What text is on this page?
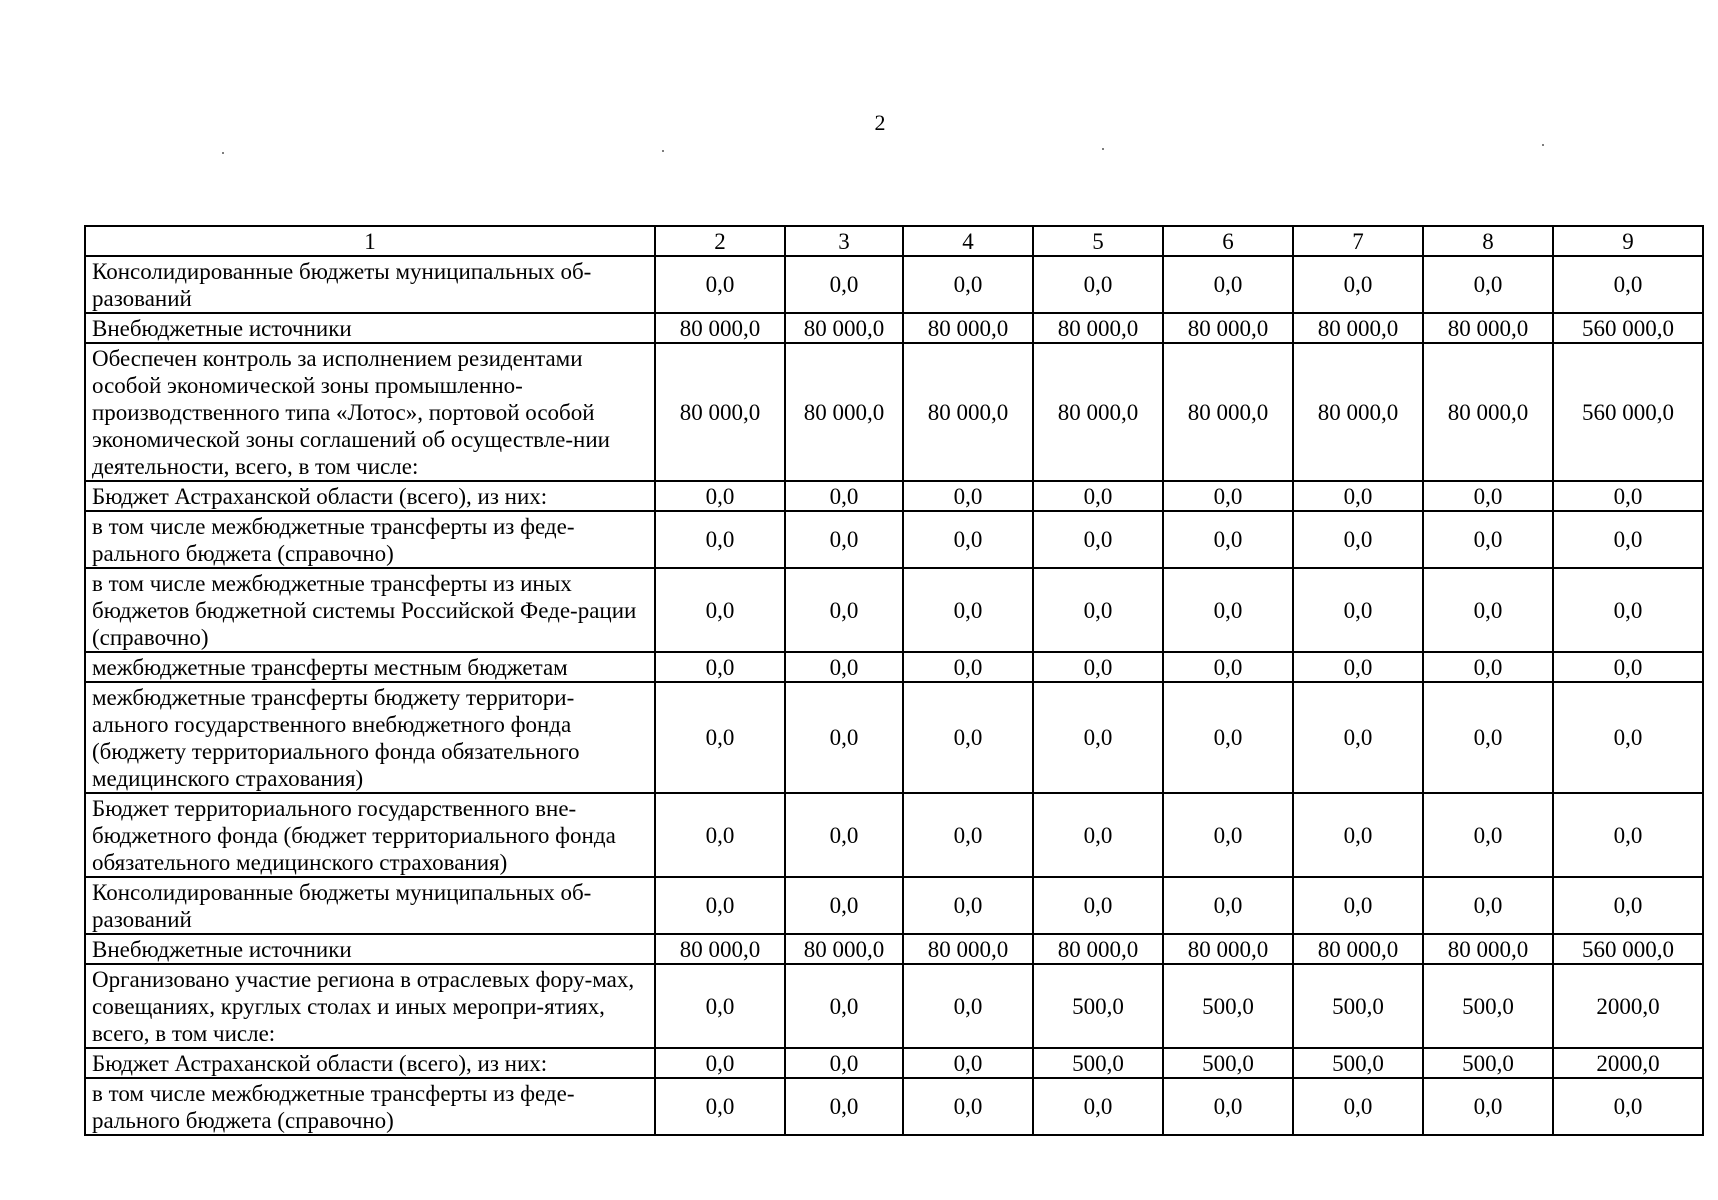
2
1	2	3	4	5	6	7	8	9
Консолидированные бюджеты муниципальных об-разований	0,0	0,0	0,0	0,0	0,0	0,0	0,0	0,0
Внебюджетные источники	80 000,0	80 000,0	80 000,0	80 000,0	80 000,0	80 000,0	80 000,0	560 000,0
Обеспечен контроль за исполнением резидентами особой экономической зоны промышленно-производственного типа «Лотос», портовой особой экономической зоны соглашений об осуществле-нии деятельности, всего, в том числе:	80 000,0	80 000,0	80 000,0	80 000,0	80 000,0	80 000,0	80 000,0	560 000,0
Бюджет Астраханской области (всего), из них:	0,0	0,0	0,0	0,0	0,0	0,0	0,0	0,0
в том числе межбюджетные трансферты из феде-рального бюджета (справочно)	0,0	0,0	0,0	0,0	0,0	0,0	0,0	0,0
в том числе межбюджетные трансферты из иных бюджетов бюджетной системы Российской Феде-рации (справочно)	0,0	0,0	0,0	0,0	0,0	0,0	0,0	0,0
межбюджетные трансферты местным бюджетам	0,0	0,0	0,0	0,0	0,0	0,0	0,0	0,0
межбюджетные трансферты бюджету территори-ального государственного внебюджетного фонда (бюджету территориального фонда обязательного медицинского страхования)	0,0	0,0	0,0	0,0	0,0	0,0	0,0	0,0
Бюджет территориального государственного вне-бюджетного фонда (бюджет территориального фонда обязательного медицинского страхования)	0,0	0,0	0,0	0,0	0,0	0,0	0,0	0,0
Консолидированные бюджеты муниципальных об-разований	0,0	0,0	0,0	0,0	0,0	0,0	0,0	0,0
Внебюджетные источники	80 000,0	80 000,0	80 000,0	80 000,0	80 000,0	80 000,0	80 000,0	560 000,0
Организовано участие региона в отраслевых фору-мах, совещаниях, круглых столах и иных меропри-ятиях, всего, в том числе:	0,0	0,0	0,0	500,0	500,0	500,0	500,0	2000,0
Бюджет Астраханской области (всего), из них:	0,0	0,0	0,0	500,0	500,0	500,0	500,0	2000,0
в том числе межбюджетные трансферты из феде-рального бюджета (справочно)	0,0	0,0	0,0	0,0	0,0	0,0	0,0	0,0
